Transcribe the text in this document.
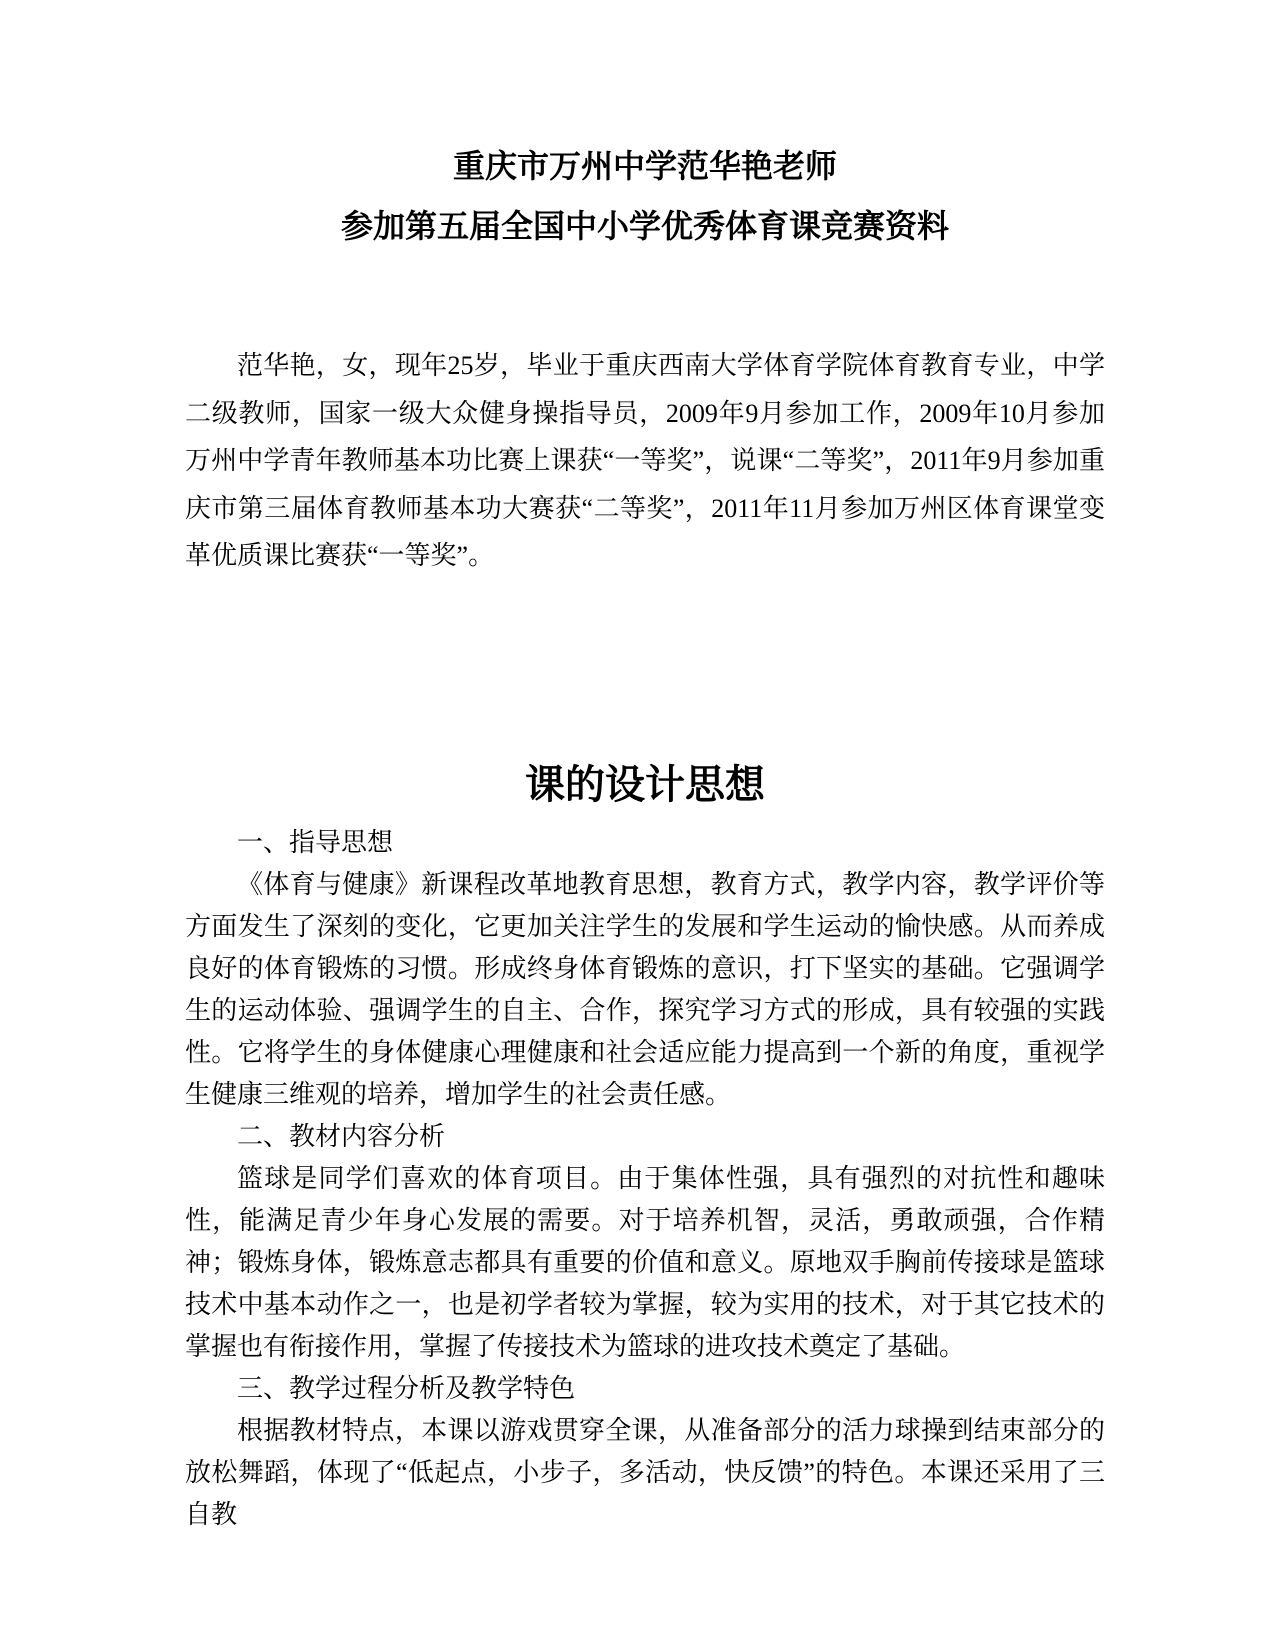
重庆市万州中学范华艳老师
参加第五届全国中小学优秀体育课竞赛资料

范华艳，女，现年25岁，毕业于重庆西南大学体育学院体育教育专业，中学二级教师，国家一级大众健身操指导员，2009年9月参加工作，2009年10月参加万州中学青年教师基本功比赛上课获“一等奖”，说课“二等奖”，2011年9月参加重庆市第三届体育教师基本功大赛获“二等奖”，2011年11月参加万州区体育课堂变革优质课比赛获“一等奖”。

课的设计思想

一、指导思想

《体育与健康》新课程改革地教育思想，教育方式，教学内容，教学评价等方面发生了深刻的变化，它更加关注学生的发展和学生运动的愉快感。从而养成良好的体育锻炼的习惯。形成终身体育锻炼的意识，打下坚实的基础。它强调学生的运动体验、强调学生的自主、合作，探究学习方式的形成，具有较强的实践性。它将学生的身体健康心理健康和社会适应能力提高到一个新的角度，重视学生健康三维观的培养，增加学生的社会责任感。

二、教材内容分析

篮球是同学们喜欢的体育项目。由于集体性强，具有强烈的对抗性和趣味性，能满足青少年身心发展的需要。对于培养机智，灵活，勇敢顽强，合作精神；锻炼身体，锻炼意志都具有重要的价值和意义。原地双手胸前传接球是篮球技术中基本动作之一，也是初学者较为掌握，较为实用的技术，对于其它技术的掌握也有衔接作用，掌握了传接技术为篮球的进攻技术奠定了基础。

三、教学过程分析及教学特色

根据教材特点，本课以游戏贯穿全课，从准备部分的活力球操到结束部分的放松舞蹈，体现了“低起点，小步子，多活动，快反馈”的特色。本课还采用了三自教
